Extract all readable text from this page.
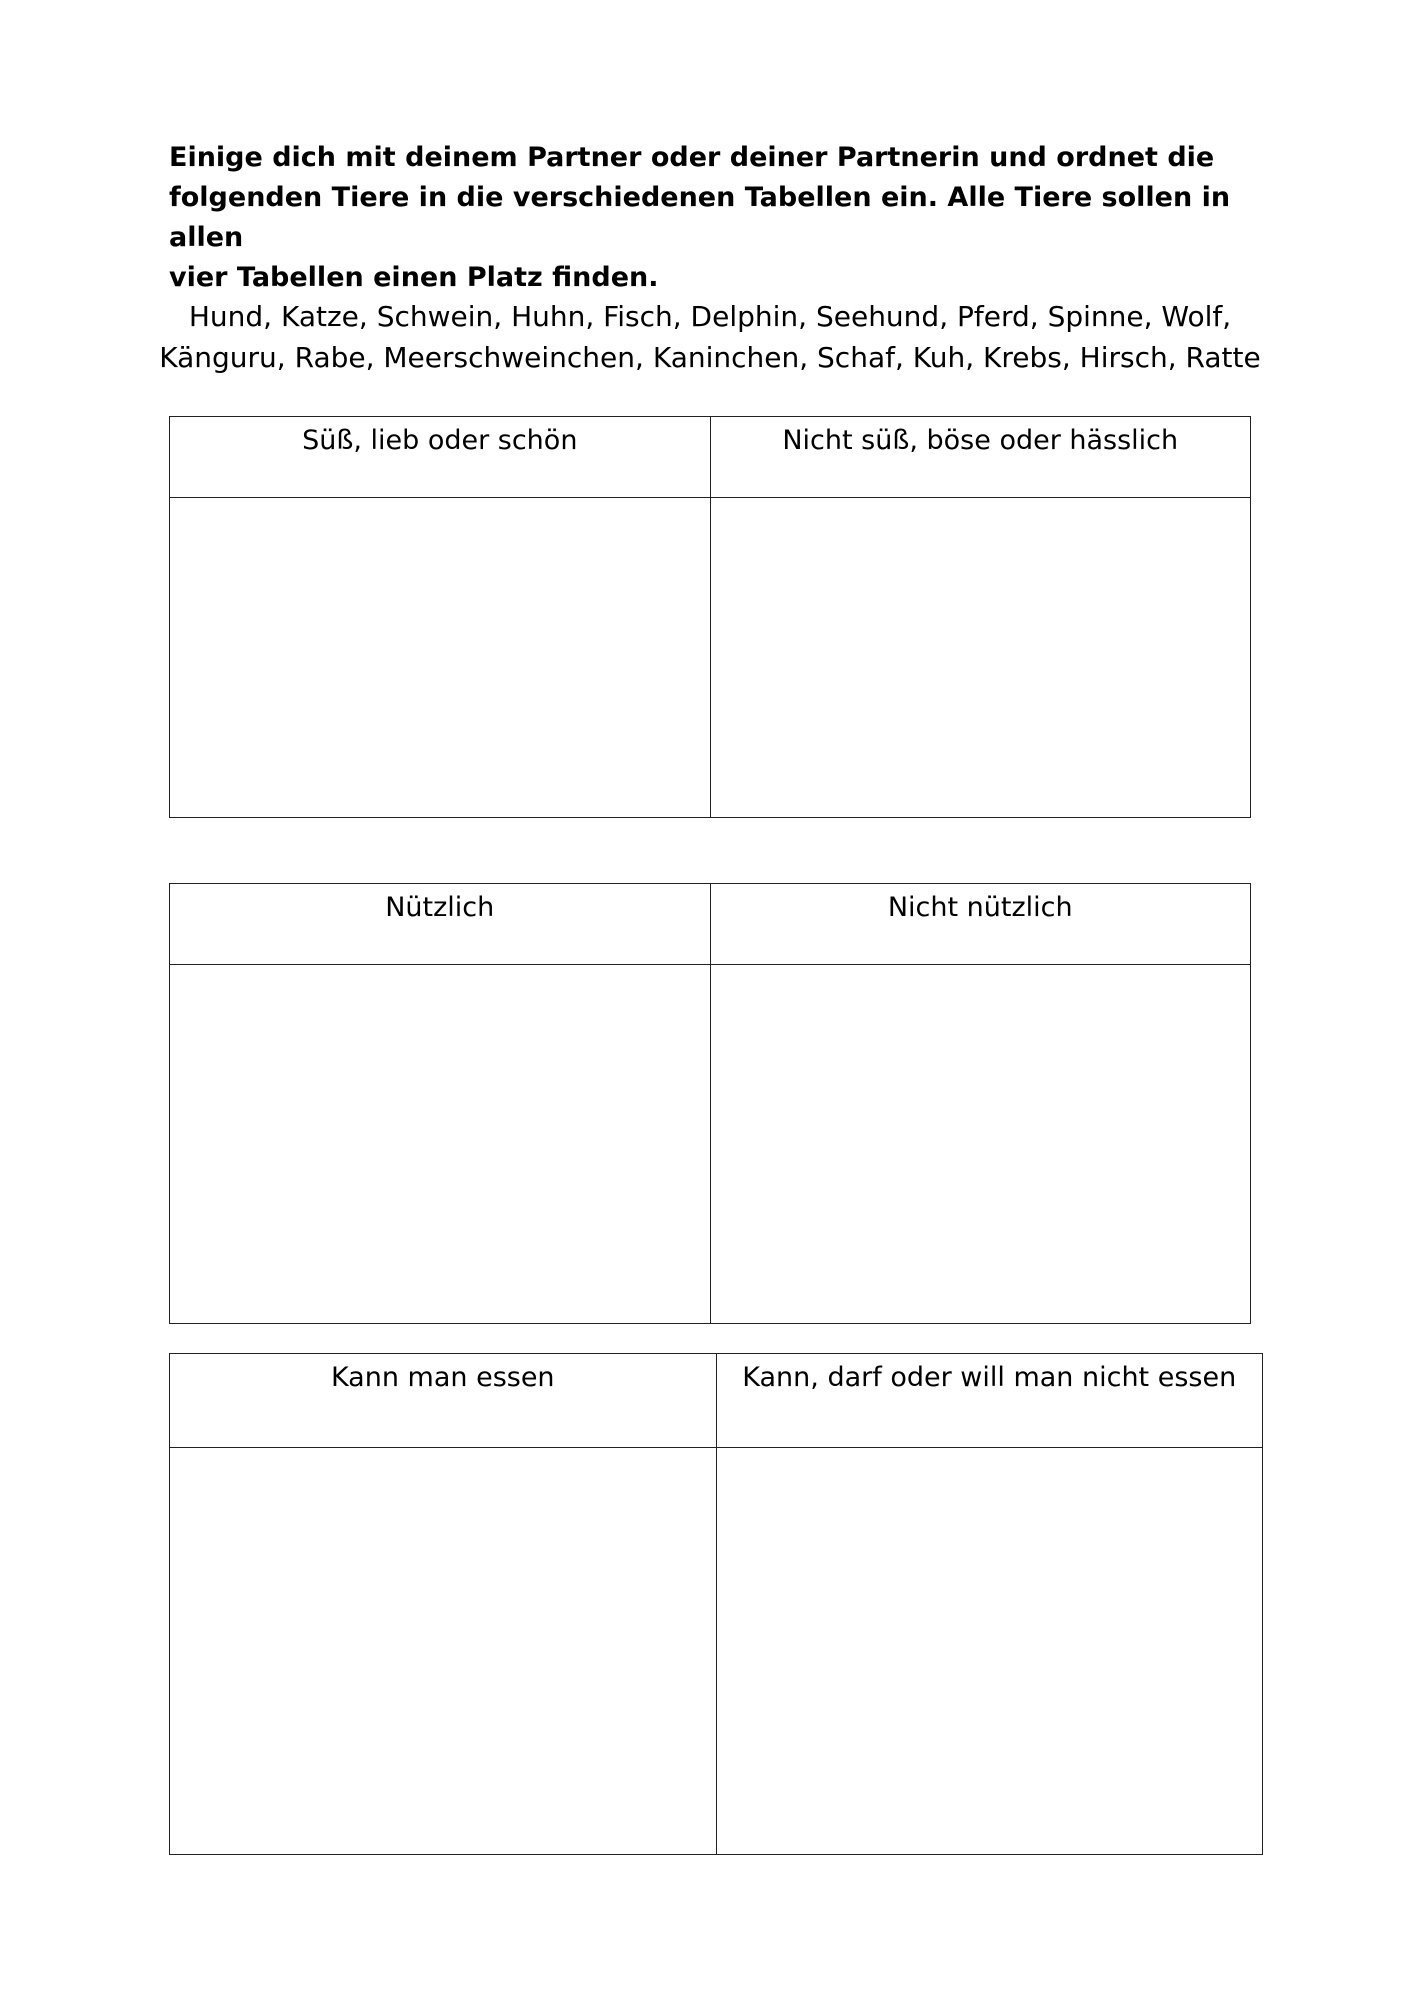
Einige dich mit deinem Partner oder deiner Partnerin und ordnet die
folgenden Tiere in die verschiedenen Tabellen ein. Alle Tiere sollen in allen
vier Tabellen einen Platz finden.
Hund, Katze, Schwein, Huhn, Fisch, Delphin, Seehund, Pferd, Spinne, Wolf,
Känguru, Rabe, Meerschweinchen, Kaninchen, Schaf, Kuh, Krebs, Hirsch, Ratte
Süß, lieb oder schön	Nicht süß, böse oder hässlich

Nützlich	Nicht nützlich

Kann man essen	Kann, darf oder will man nicht essen
